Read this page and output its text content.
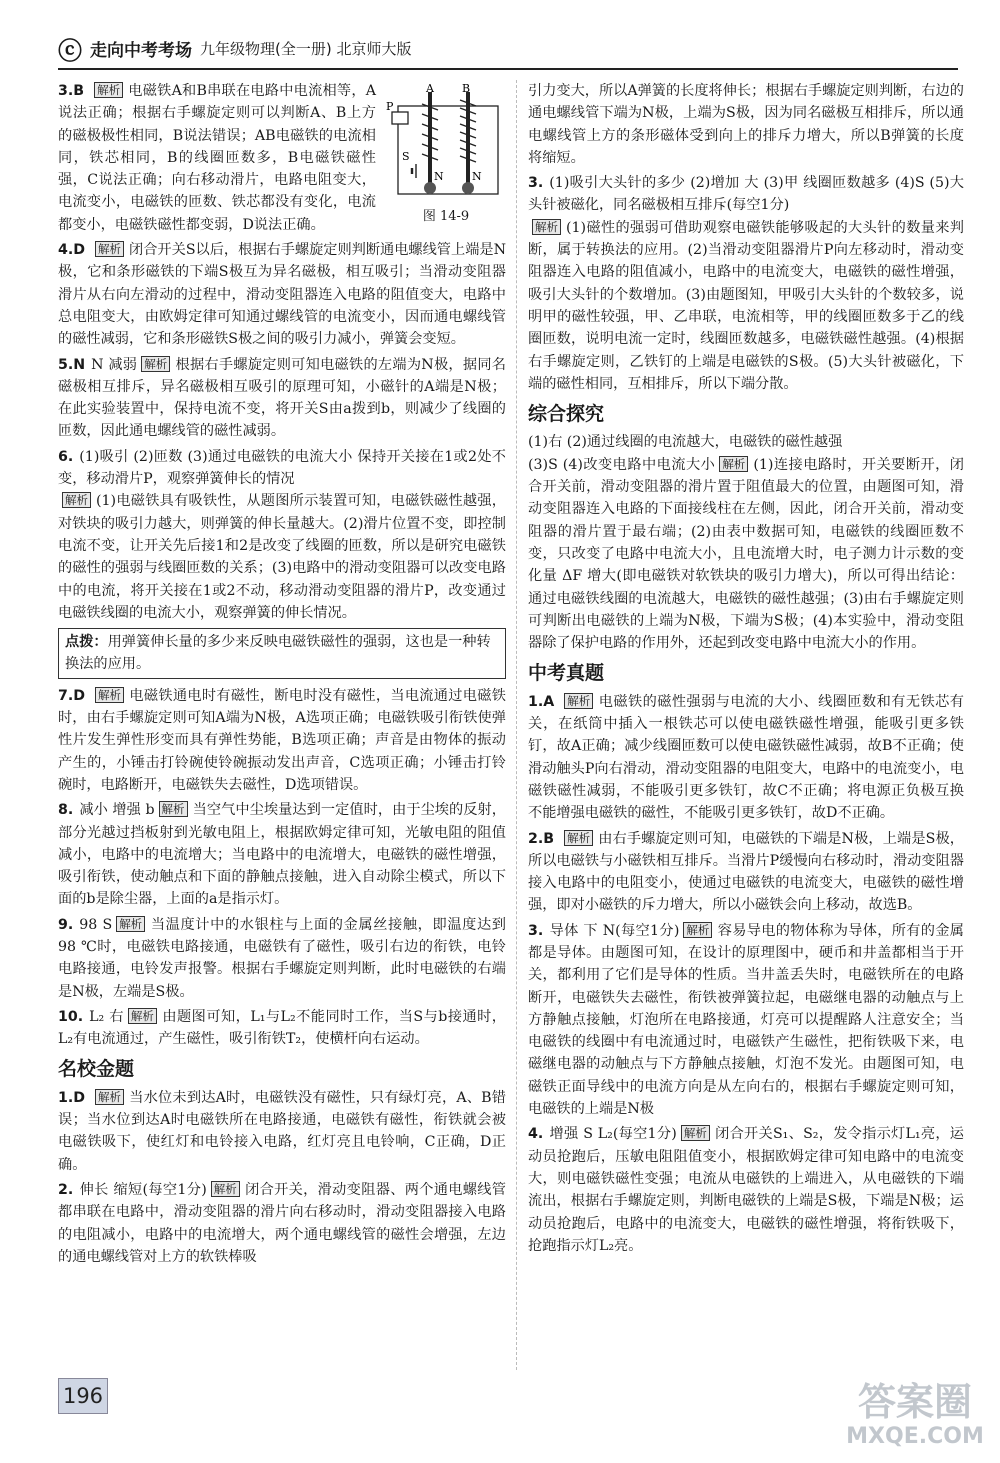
ⓒ 走向中考考场 九年级物理(全一册) 北京师大版
P
A	B
S
N	N
图 14-9
3.B 解析 电磁铁A和B串联在电路中电流相等，A说法正确；根据右手螺旋定则可以判断A、B上方的磁极极性相同，B说法错误；AB电磁铁的电流相同，铁芯相同，B的线圈匝数多，B电磁铁磁性强，C说法正确；向右移动滑片，电路电阻变大，电流变小，电磁铁的匝数、铁芯都没有变化，电流都变小，电磁铁磁性都变弱，D说法正确。
4.D 解析 闭合开关S以后，根据右手螺旋定则判断通电螺线管上端是N极，它和条形磁铁的下端S极互为异名磁极，相互吸引；当滑动变阻器滑片从右向左滑动的过程中，滑动变阻器连入电路的阻值变大，电路中总电阻变大，由欧姆定律可知通过螺线管的电流变小，因而通电螺线管的磁性减弱，它和条形磁铁S极之间的吸引力减小，弹簧会变短。
5.N N 减弱 解析 根据右手螺旋定则可知电磁铁的左端为N极，据同名磁极相互排斥，异名磁极相互吸引的原理可知，小磁针的A端是N极；在此实验装置中，保持电流不变，将开关S由a拨到b，则减少了线圈的匝数，因此通电螺线管的磁性减弱。
6. (1)吸引 (2)匝数 (3)通过电磁铁的电流大小 保持开关接在1或2处不变，移动滑片P，观察弹簧伸长的情况
解析 (1)电磁铁具有吸铁性，从题图所示装置可知，电磁铁磁性越强，对铁块的吸引力越大，则弹簧的伸长量越大。(2)滑片位置不变，即控制电流不变，让开关先后接1和2是改变了线圈的匝数，所以是研究电磁铁的磁性的强弱与线圈匝数的关系；(3)电路中的滑动变阻器可以改变电路中的电流，将开关接在1或2不动，移动滑动变阻器的滑片P，改变通过电磁铁线圈的电流大小，观察弹簧的伸长情况。
点拨：用弹簧伸长量的多少来反映电磁铁磁性的强弱，这也是一种转换法的应用。
7.D 解析 电磁铁通电时有磁性，断电时没有磁性，当电流通过电磁铁时，由右手螺旋定则可知A端为N极，A选项正确；电磁铁吸引衔铁使弹性片发生弹性形变而具有弹性势能，B选项正确；声音是由物体的振动产生的，小锤击打铃碗使铃碗振动发出声音，C选项正确；小锤击打铃碗时，电路断开，电磁铁失去磁性，D选项错误。
8. 减小 增强 b 解析 当空气中尘埃量达到一定值时，由于尘埃的反射，部分光越过挡板射到光敏电阻上，根据欧姆定律可知，光敏电阻的阻值减小，电路中的电流增大；当电路中的电流增大，电磁铁的磁性增强，吸引衔铁，使动触点和下面的静触点接触，进入自动除尘模式，所以下面的b是除尘器，上面的a是指示灯。
9. 98 S 解析 当温度计中的水银柱与上面的金属丝接触，即温度达到98 ℃时，电磁铁电路接通，电磁铁有了磁性，吸引右边的衔铁，电铃电路接通，电铃发声报警。根据右手螺旋定则判断，此时电磁铁的右端是N极，左端是S极。
10. L₂ 右 解析 由题图可知，L₁与L₂不能同时工作，当S与b接通时，L₂有电流通过，产生磁性，吸引衔铁T₂，使横杆向右运动。
名校金题
1.D 解析 当水位未到达A时，电磁铁没有磁性，只有绿灯亮，A、B错误；当水位到达A时电磁铁所在电路接通，电磁铁有磁性，衔铁就会被电磁铁吸下，使红灯和电铃接入电路，红灯亮且电铃响，C正确，D正确。
2. 伸长 缩短(每空1分) 解析 闭合开关，滑动变阻器、两个通电螺线管都串联在电路中，滑动变阻器的滑片向右移动时，滑动变阻器接入电路的电阻减小，电路中的电流增大，两个通电螺线管的磁性会增强，左边的通电螺线管对上方的软铁棒吸
引力变大，所以A弹簧的长度将伸长；根据右手螺旋定则判断，右边的通电螺线管下端为N极，上端为S极，因为同名磁极互相排斥，所以通电螺线管上方的条形磁体受到向上的排斥力增大，所以B弹簧的长度将缩短。
3. (1)吸引大头针的多少 (2)增加 大 (3)甲 线圈匝数越多 (4)S (5)大头针被磁化，同名磁极相互排斥(每空1分)
解析 (1)磁性的强弱可借助观察电磁铁能够吸起的大头针的数量来判断，属于转换法的应用。(2)当滑动变阻器滑片P向左移动时，滑动变阻器连入电路的阻值减小，电路中的电流变大，电磁铁的磁性增强，吸引大头针的个数增加。(3)由题图知，甲吸引大头针的个数较多，说明甲的磁性较强，甲、乙串联，电流相等，甲的线圈匝数多于乙的线圈匝数，说明电流一定时，线圈匝数越多，电磁铁磁性越强。(4)根据右手螺旋定则，乙铁钉的上端是电磁铁的S极。(5)大头针被磁化，下端的磁性相同，互相排斥，所以下端分散。
综合探究
(1)右 (2)通过线圈的电流越大，电磁铁的磁性越强
(3)S (4)改变电路中电流大小 解析 (1)连接电路时，开关要断开，闭合开关前，滑动变阻器的滑片置于阻值最大的位置，由题图可知，滑动变阻器连入电路的下面接线柱在左侧，因此，闭合开关前，滑动变阻器的滑片置于最右端；(2)由表中数据可知，电磁铁的线圈匝数不变，只改变了电路中电流大小，且电流增大时，电子测力计示数的变化量 ΔF 增大(即电磁铁对软铁块的吸引力增大)，所以可得出结论：通过电磁铁线圈的电流越大，电磁铁的磁性越强；(3)由右手螺旋定则可判断出电磁铁的上端为N极，下端为S极；(4)本实验中，滑动变阻器除了保护电路的作用外，还起到改变电路中电流大小的作用。
中考真题
1.A 解析 电磁铁的磁性强弱与电流的大小、线圈匝数和有无铁芯有关，在纸筒中插入一根铁芯可以使电磁铁磁性增强，能吸引更多铁钉，故A正确；减少线圈匝数可以使电磁铁磁性减弱，故B不正确；使滑动触头P向右滑动，滑动变阻器的电阻变大，电路中的电流变小，电磁铁磁性减弱，不能吸引更多铁钉，故C不正确；将电源正负极互换不能增强电磁铁的磁性，不能吸引更多铁钉，故D不正确。
2.B 解析 由右手螺旋定则可知，电磁铁的下端是N极，上端是S极，所以电磁铁与小磁铁相互排斥。当滑片P缓慢向右移动时，滑动变阻器接入电路中的电阻变小，使通过电磁铁的电流变大，电磁铁的磁性增强，即对小磁铁的斥力增大，所以小磁铁会向上移动，故选B。
3. 导体 下 N(每空1分) 解析 容易导电的物体称为导体，所有的金属都是导体。由题图可知，在设计的原理图中，硬币和井盖都相当于开关，都利用了它们是导体的性质。当井盖丢失时，电磁铁所在的电路断开，电磁铁失去磁性，衔铁被弹簧拉起，电磁继电器的动触点与上方静触点接触，灯泡所在电路接通，灯亮可以提醒路人注意安全；当电磁铁的线圈中有电流通过时，电磁铁产生磁性，把衔铁吸下来，电磁继电器的动触点与下方静触点接触，灯泡不发光。由题图可知，电磁铁正面导线中的电流方向是从左向右的，根据右手螺旋定则可知，电磁铁的上端是N极
4. 增强 S L₂(每空1分) 解析 闭合开关S₁、S₂，发令指示灯L₁亮，运动员抢跑后，压敏电阻阻值变小，根据欧姆定律可知电路中的电流变大，则电磁铁磁性变强；电流从电磁铁的上端进入，从电磁铁的下端流出，根据右手螺旋定则，判断电磁铁的上端是S极，下端是N极；运动员抢跑后，电路中的电流变大，电磁铁的磁性增强，将衔铁吸下，抢跑指示灯L₂亮。
196	答案圈
MXQE.COM
